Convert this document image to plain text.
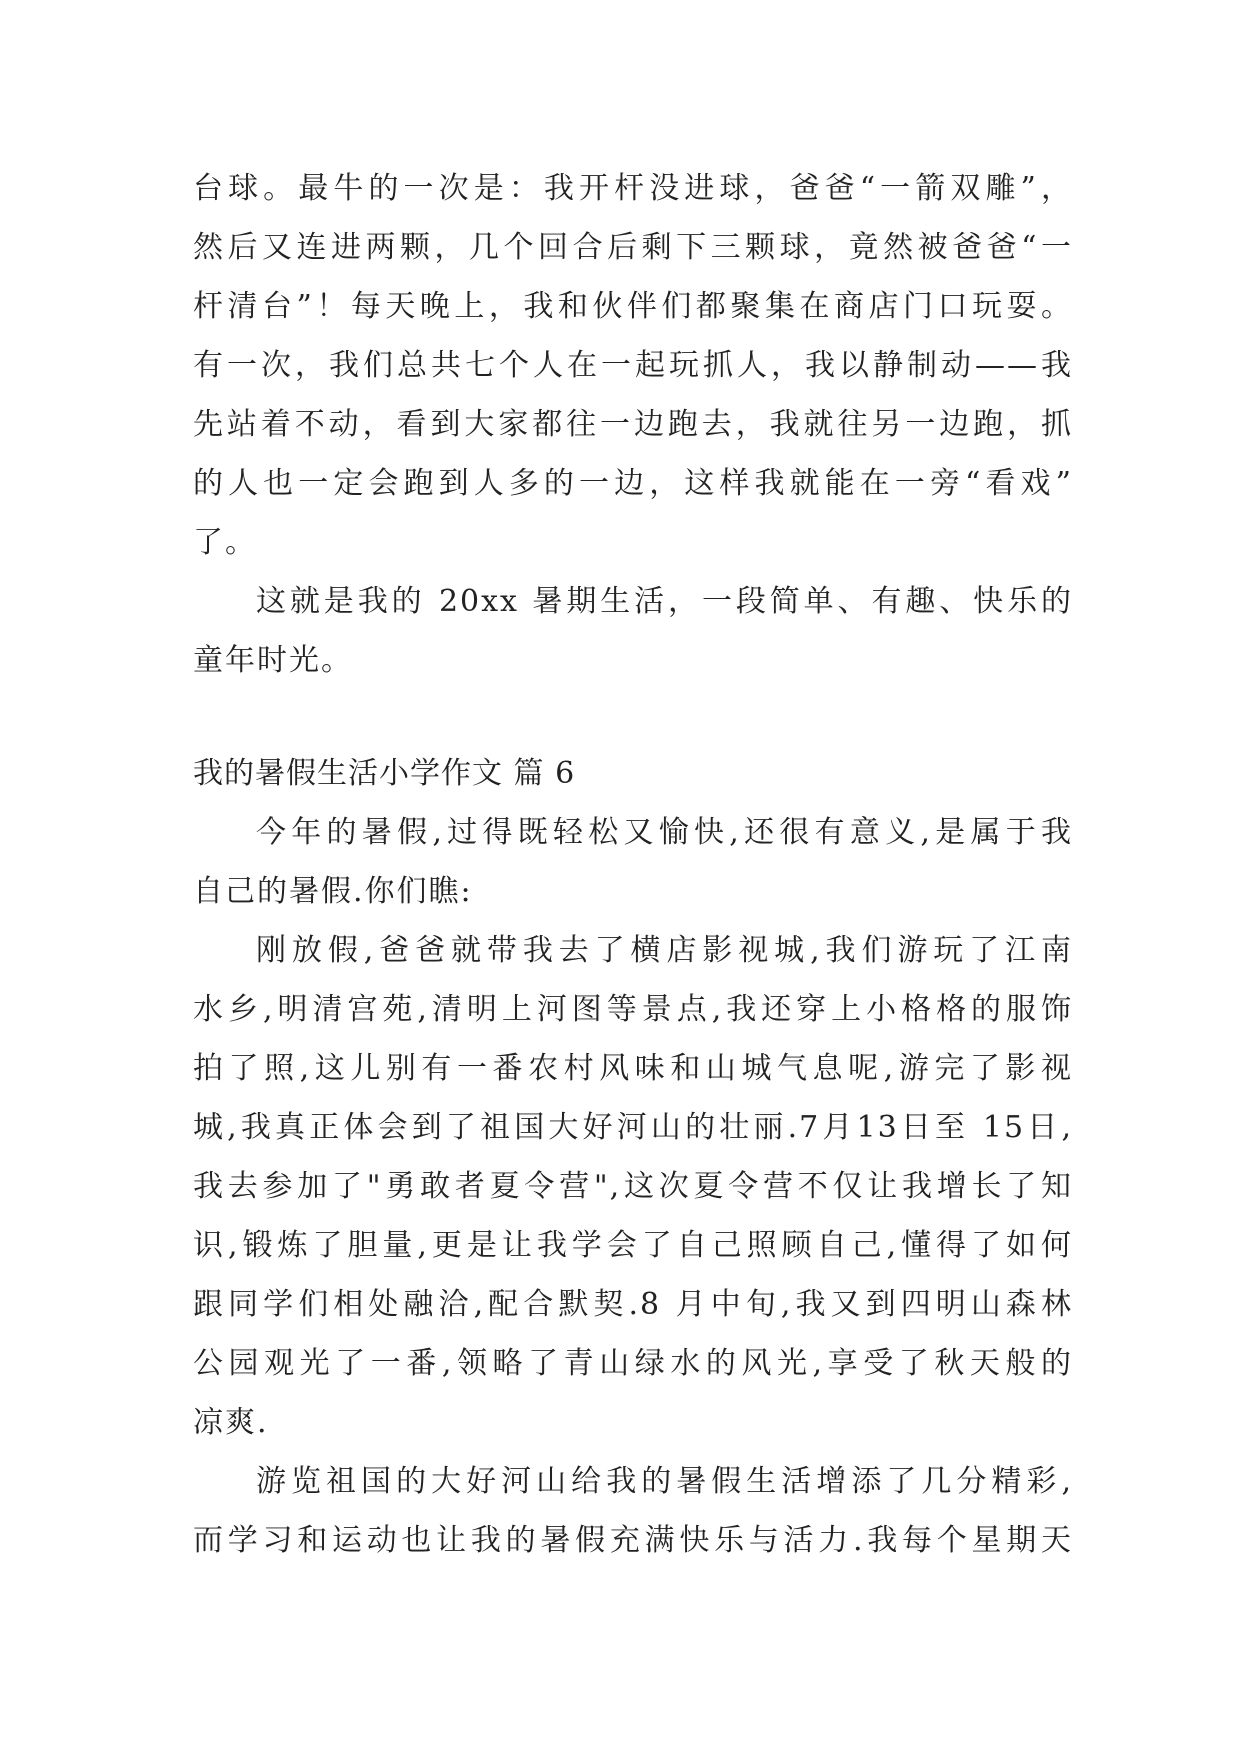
台球。最牛的一次是：我开杆没进球，爸爸“一箭双雕”，
然后又连进两颗，几个回合后剩下三颗球，竟然被爸爸“一
杆清台”！每天晚上，我和伙伴们都聚集在商店门口玩耍。
有一次，我们总共七个人在一起玩抓人，我以静制动——我
先站着不动，看到大家都往一边跑去，我就往另一边跑，抓
的人也一定会跑到人多的一边，这样我就能在一旁“看戏”
了。
这就是我的 20xx 暑期生活，一段简单、有趣、快乐的
童年时光。
我的暑假生活小学作文 篇 6
今年的暑假,过得既轻松又愉快,还很有意义,是属于我
自己的暑假.你们瞧:
刚放假,爸爸就带我去了横店影视城,我们游玩了江南
水乡,明清宫苑,清明上河图等景点,我还穿上小格格的服饰
拍了照,这儿别有一番农村风味和山城气息呢,游完了影视
城,我真正体会到了祖国大好河山的壮丽.7月13日至 15日,
我去参加了"勇敢者夏令营",这次夏令营不仅让我增长了知
识,锻炼了胆量,更是让我学会了自己照顾自己,懂得了如何
跟同学们相处融洽,配合默契.8 月中旬,我又到四明山森林
公园观光了一番,领略了青山绿水的风光,享受了秋天般的
凉爽.
游览祖国的大好河山给我的暑假生活增添了几分精彩,
而学习和运动也让我的暑假充满快乐与活力.我每个星期天
